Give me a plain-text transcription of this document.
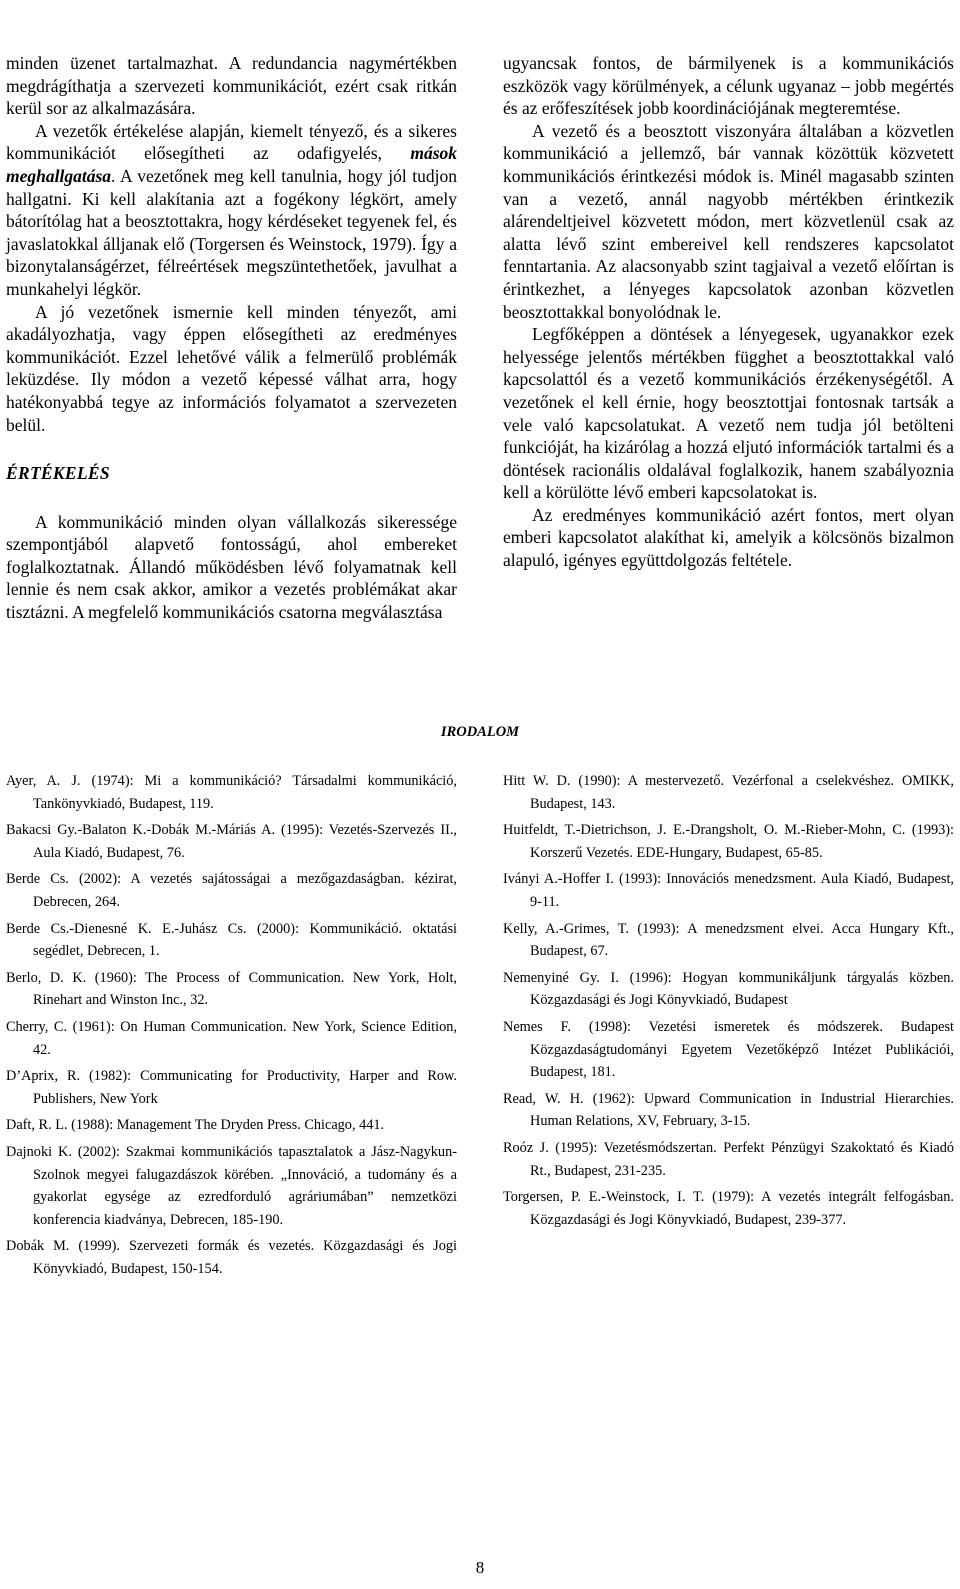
minden üzenet tartalmazhat. A redundancia nagymértékben megdrágíthatja a szervezeti kommunikációt, ezért csak ritkán kerül sor az alkalmazására.

A vezetők értékelése alapján, kiemelt tényező, és a sikeres kommunikációt elősegítheti az odafigyelés, mások meghallgatása. A vezetőnek meg kell tanulnia, hogy jól tudjon hallgatni. Ki kell alakítania azt a fogékony légkört, amely bátorítólag hat a beosztottakra, hogy kérdéseket tegyenek fel, és javaslatokkal álljanak elő (Torgersen és Weinstock, 1979). Így a bizonytalanságérzet, félreértések megszüntethetőek, javulhat a munkahelyi légkör.

A jó vezetőnek ismernie kell minden tényezőt, ami akadályozhatja, vagy éppen elősegítheti az eredményes kommunikációt. Ezzel lehetővé válik a felmerülő problémák leküzdése. Ily módon a vezető képessé válhat arra, hogy hatékonyabbá tegye az információs folyamatot a szervezeten belül.

ÉRTÉKELÉS

A kommunikáció minden olyan vállalkozás sikeressége szempontjából alapvető fontosságú, ahol embereket foglalkoztatnak. Állandó működésben lévő folyamatnak kell lennie és nem csak akkor, amikor a vezetés problémákat akar tisztázni. A megfelelő kommunikációs csatorna megválasztása

ugyancsak fontos, de bármilyenek is a kommunikációs eszközök vagy körülmények, a célunk ugyanaz – jobb megértés és az erőfeszítések jobb koordinációjának megteremtése.

A vezető és a beosztott viszonyára általában a közvetlen kommunikáció a jellemző, bár vannak közöttük közvetett kommunikációs érintkezési módok is. Minél magasabb szinten van a vezető, annál nagyobb mértékben érintkezik alárendeltjeivel közvetett módon, mert közvetlenül csak az alatta lévő szint embereivel kell rendszeres kapcsolatot fenntartania. Az alacsonyabb szint tagjaival a vezető előírtan is érintkezhet, a lényeges kapcsolatok azonban közvetlen beosztottakkal bonyolódnak le.

Legfőképpen a döntések a lényegesek, ugyanakkor ezek helyessége jelentős mértékben függhet a beosztottakkal való kapcsolattól és a vezető kommunikációs érzékenységétől. A vezetőnek el kell érnie, hogy beosztottjai fontosnak tartsák a vele való kapcsolatukat. A vezető nem tudja jól betölteni funkcióját, ha kizárólag a hozzá eljutó információk tartalmi és a döntések racionális oldalával foglalkozik, hanem szabályoznia kell a körülötte lévő emberi kapcsolatokat is.

Az eredményes kommunikáció azért fontos, mert olyan emberi kapcsolatot alakíthat ki, amelyik a kölcsönös bizalmon alapuló, igényes együttdolgozás feltétele.

IRODALOM

Ayer, A. J. (1974): Mi a kommunikáció? Társadalmi kommunikáció, Tankönyvkiadó, Budapest, 119.

Bakacsi Gy.-Balaton K.-Dobák M.-Máriás A. (1995): Vezetés-Szervezés II., Aula Kiadó, Budapest, 76.

Berde Cs. (2002): A vezetés sajátosságai a mezőgazdaságban. kézirat, Debrecen, 264.

Berde Cs.-Dienesné K. E.-Juhász Cs. (2000): Kommunikáció. oktatási segédlet, Debrecen, 1.

Berlo, D. K. (1960): The Process of Communication. New York, Holt, Rinehart and Winston Inc., 32.

Cherry, C. (1961): On Human Communication. New York, Science Edition, 42.

D’Aprix, R. (1982): Communicating for Productivity, Harper and Row. Publishers, New York

Daft, R. L. (1988): Management The Dryden Press. Chicago, 441.

Dajnoki K. (2002): Szakmai kommunikációs tapasztalatok a Jász-Nagykun-Szolnok megyei falugazdászok körében. „Innováció, a tudomány és a gyakorlat egysége az ezredforduló agráriumában” nemzetközi konferencia kiadványa, Debrecen, 185-190.

Dobák M. (1999). Szervezeti formák és vezetés. Közgazdasági és Jogi Könyvkiadó, Budapest, 150-154.

Hitt W. D. (1990): A mestervezető. Vezérfonal a cselekvéshez. OMIKK, Budapest, 143.

Huitfeldt, T.-Dietrichson, J. E.-Drangsholt, O. M.-Rieber-Mohn, C. (1993): Korszerű Vezetés. EDE-Hungary, Budapest, 65-85.

Iványi A.-Hoffer I. (1993): Innovációs menedzsment. Aula Kiadó, Budapest, 9-11.

Kelly, A.-Grimes, T. (1993): A menedzsment elvei. Acca Hungary Kft., Budapest, 67.

Nemenyiné Gy. I. (1996): Hogyan kommunikáljunk tárgyalás közben. Közgazdasági és Jogi Könyvkiadó, Budapest

Nemes F. (1998): Vezetési ismeretek és módszerek. Budapest Közgazdaságtudományi Egyetem Vezetőképző Intézet Publikációi, Budapest, 181.

Read, W. H. (1962): Upward Communication in Industrial Hierarchies. Human Relations, XV, February, 3-15.

Roóz J. (1995): Vezetésmódszertan. Perfekt Pénzügyi Szakoktató és Kiadó Rt., Budapest, 231-235.

Torgersen, P. E.-Weinstock, I. T. (1979): A vezetés integrált felfogásban. Közgazdasági és Jogi Könyvkiadó, Budapest, 239-377.

8
